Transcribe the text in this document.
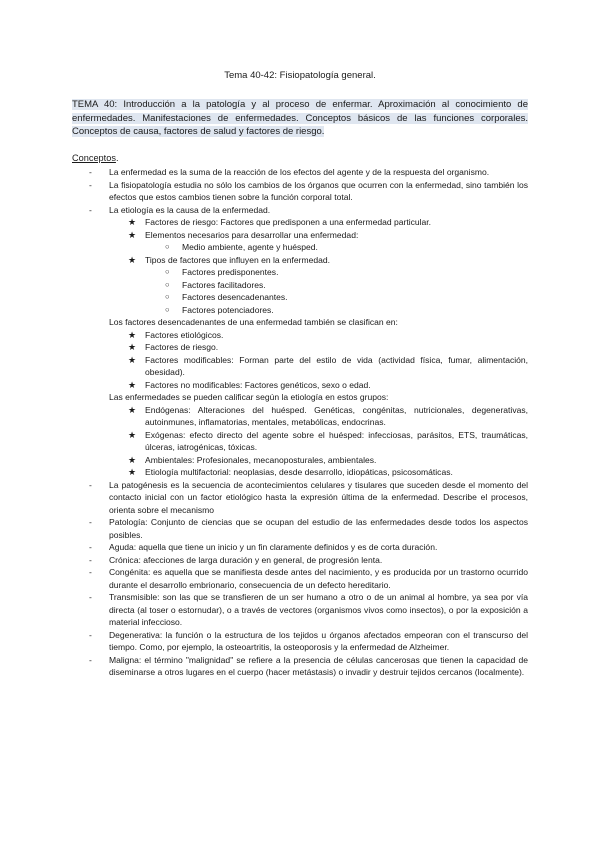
Tema 40-42: Fisiopatología general.
TEMA 40: Introducción a la patología y al proceso de enfermar. Aproximación al conocimiento de enfermedades. Manifestaciones de enfermedades. Conceptos básicos de las funciones corporales. Conceptos de causa, factores de salud y factores de riesgo.
Conceptos.
- La enfermedad es la suma de la reacción de los efectos del agente y de la respuesta del organismo.
- La fisiopatología estudia no sólo los cambios de los órganos que ocurren con la enfermedad, sino también los efectos que estos cambios tienen sobre la función corporal total.
- La etiología es la causa de la enfermedad.
★ Factores de riesgo: Factores que predisponen a una enfermedad particular.
★ Elementos necesarios para desarrollar una enfermedad:
○ Medio ambiente, agente y huésped.
★ Tipos de factores que influyen en la enfermedad.
○ Factores predisponentes.
○ Factores facilitadores.
○ Factores desencadenantes.
○ Factores potenciadores.
Los factores desencadenantes de una enfermedad también se clasifican en:
★ Factores etiológicos.
★ Factores de riesgo.
★ Factores modificables: Forman parte del estilo de vida (actividad física, fumar, alimentación, obesidad).
★ Factores no modificables: Factores genéticos, sexo o edad.
Las enfermedades se pueden calificar según la etiología en estos grupos:
★ Endógenas: Alteraciones del huésped. Genéticas, congénitas, nutricionales, degenerativas, autoinmunes, inflamatorias, mentales, metabólicas, endocrinas.
★ Exógenas: efecto directo del agente sobre el huésped: infecciosas, parásitos, ETS, traumáticas, úlceras, iatrogénicas, tóxicas.
★ Ambientales: Profesionales, mecanoposturales, ambientales.
★ Etiología multifactorial: neoplasias, desde desarrollo, idiopáticas, psicosomáticas.
- La patogénesis es la secuencia de acontecimientos celulares y tisulares que suceden desde el momento del contacto inicial con un factor etiológico hasta la expresión última de la enfermedad. Describe el procesos, orienta sobre el mecanismo
- Patología: Conjunto de ciencias que se ocupan del estudio de las enfermedades desde todos los aspectos posibles.
- Aguda: aquella que tiene un inicio y un fin claramente definidos y es de corta duración.
- Crónica: afecciones de larga duración y en general, de progresión lenta.
- Congénita: es aquella que se manifiesta desde antes del nacimiento, y es producida por un trastorno ocurrido durante el desarrollo embrionario, consecuencia de un defecto hereditario.
- Transmisible: son las que se transfieren de un ser humano a otro o de un animal al hombre, ya sea por vía directa (al toser o estornudar), o a través de vectores (organismos vivos como insectos), o por la exposición a material infeccioso.
- Degenerativa: la función o la estructura de los tejidos u órganos afectados empeoran con el transcurso del tiempo. Como, por ejemplo, la osteoartritis, la osteoporosis y la enfermedad de Alzheimer.
- Maligna: el término "malignidad" se refiere a la presencia de células cancerosas que tienen la capacidad de diseminarse a otros lugares en el cuerpo (hacer metástasis) o invadir y destruir tejidos cercanos (localmente).
